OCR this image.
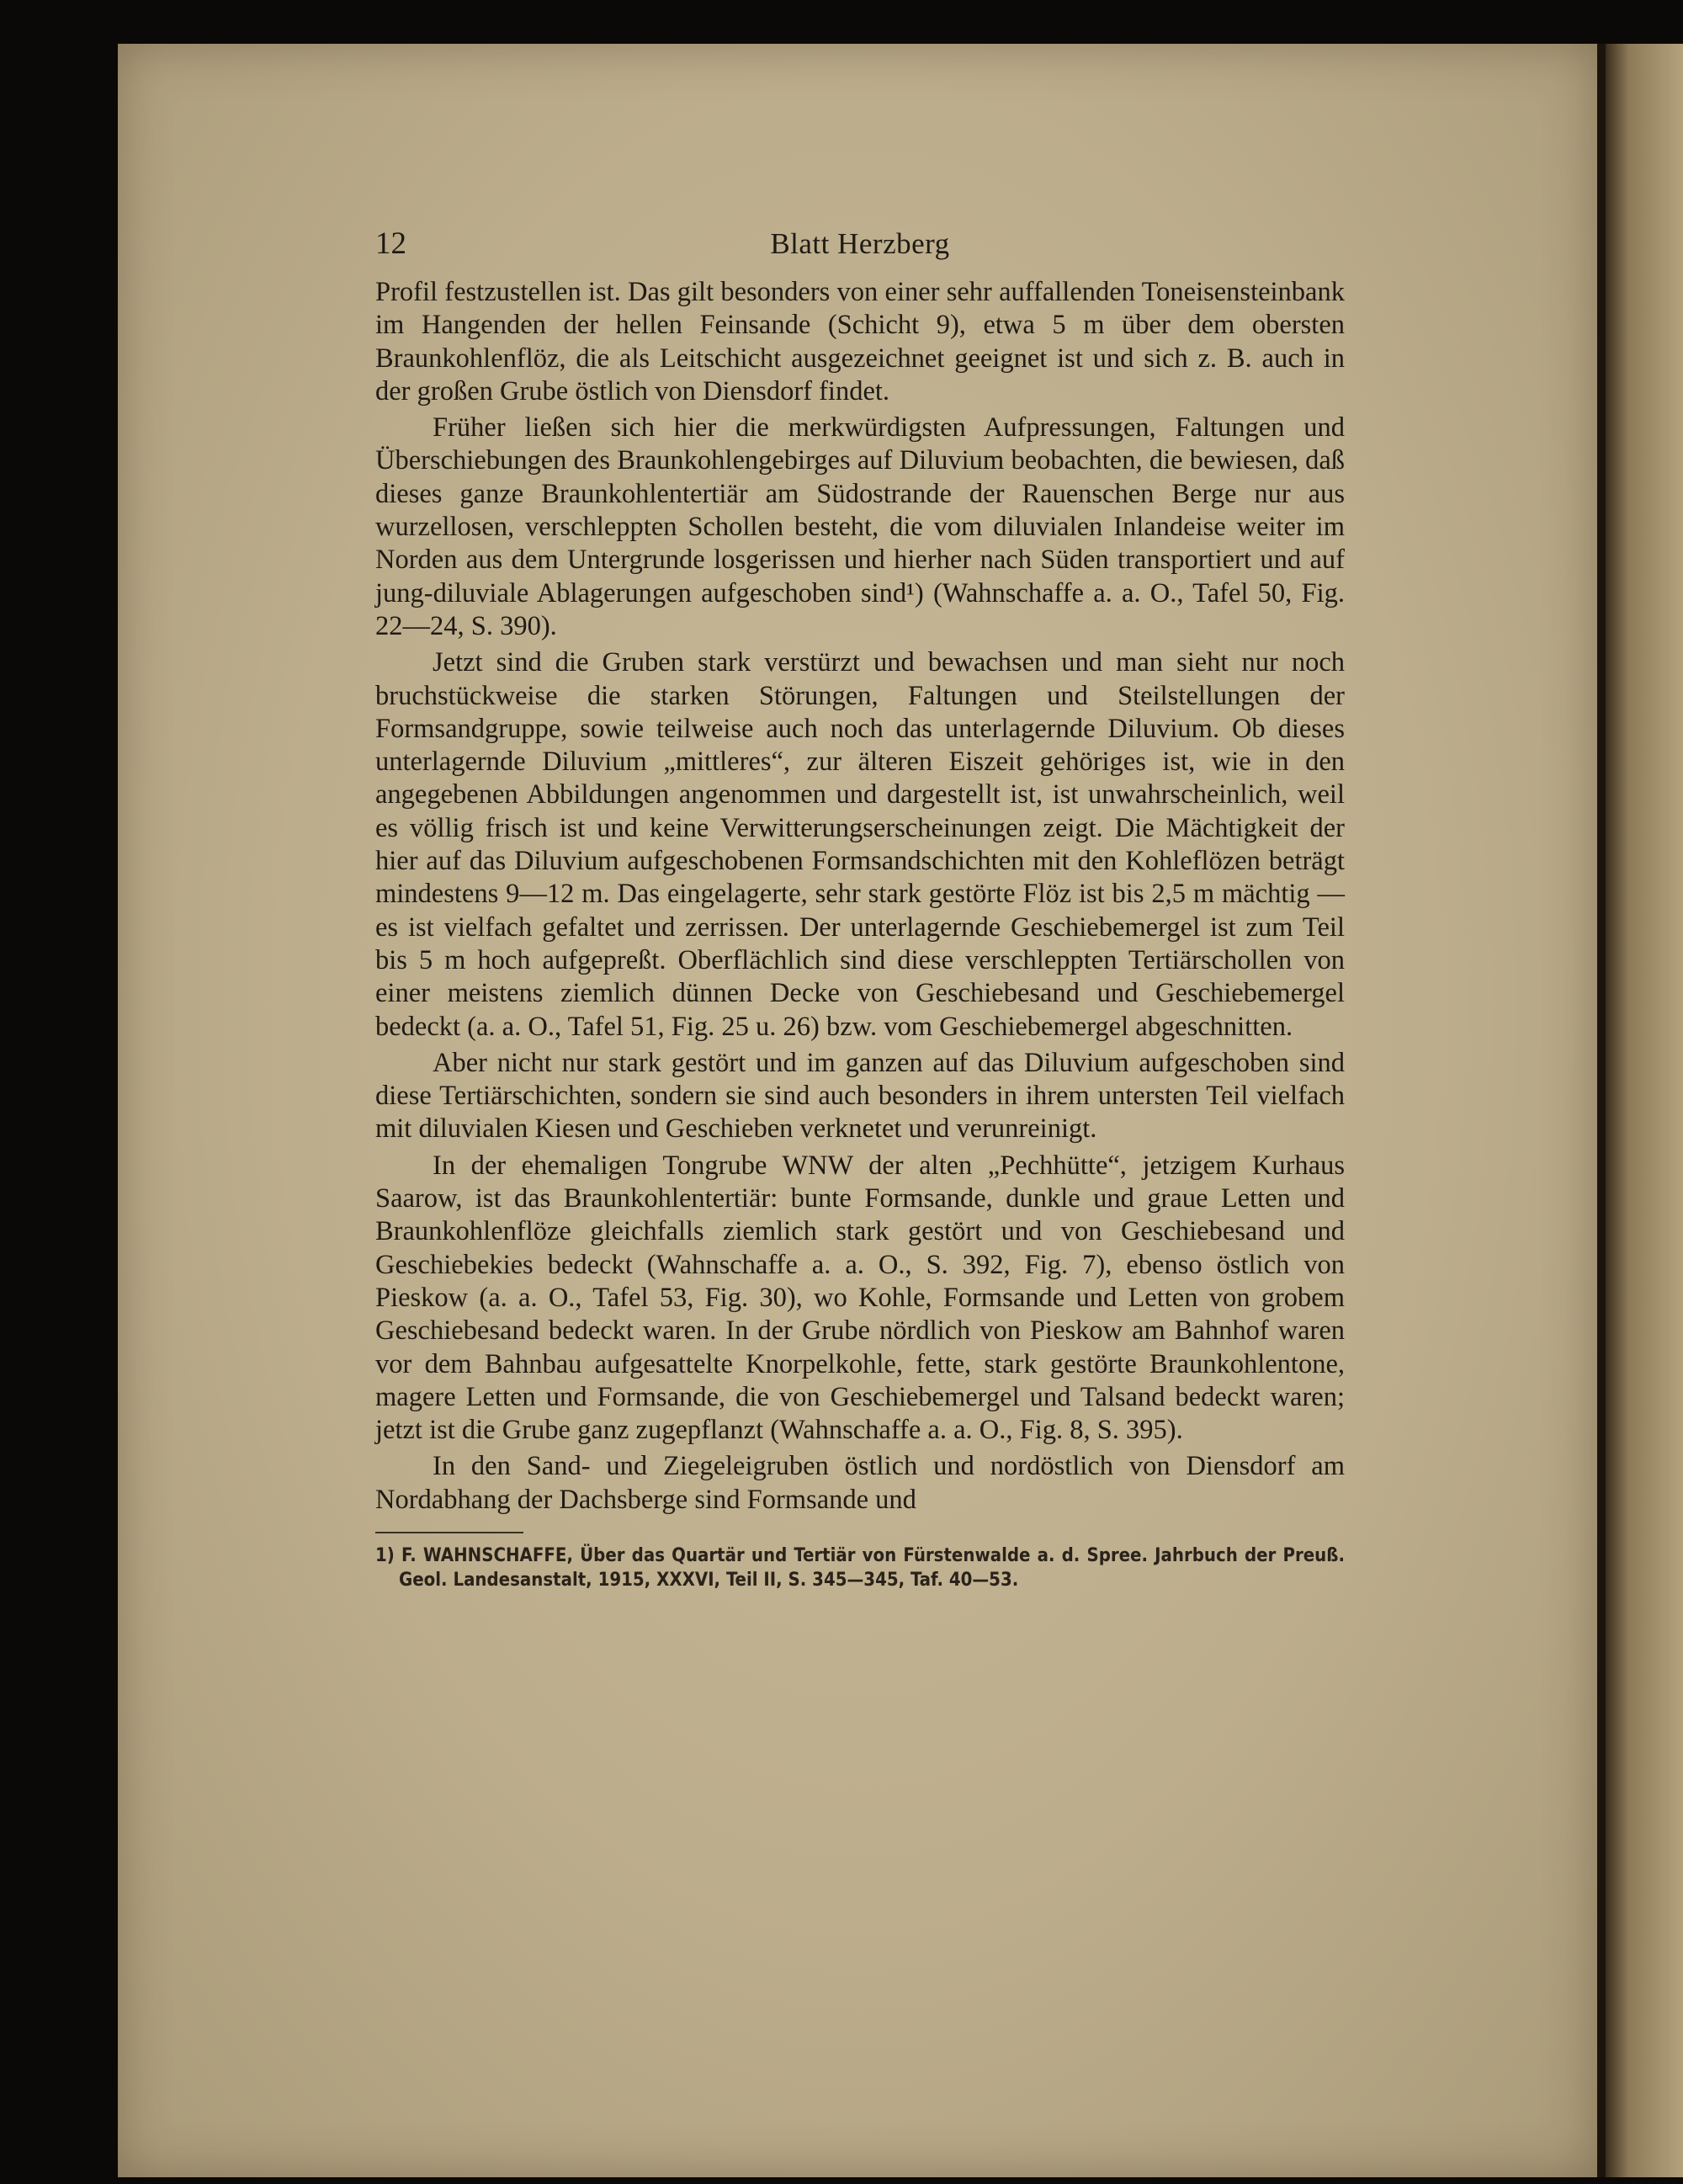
12	Blatt Herzberg

Profil festzustellen ist. Das gilt besonders von einer sehr auffallenden Toneisensteinbank im Hangenden der hellen Feinsande (Schicht 9), etwa 5 m über dem obersten Braunkohlenflöz, die als Leitschicht ausgezeichnet geeignet ist und sich z. B. auch in der großen Grube östlich von Diensdorf findet.

Früher ließen sich hier die merkwürdigsten Aufpressungen, Faltungen und Überschiebungen des Braunkohlengebirges auf Diluvium beobachten, die bewiesen, daß dieses ganze Braunkohlentertiär am Südostrande der Rauenschen Berge nur aus wurzellosen, verschleppten Schollen besteht, die vom diluvialen Inlandeise weiter im Norden aus dem Untergrunde losgerissen und hierher nach Süden transportiert und auf jung-diluviale Ablagerungen aufgeschoben sind¹) (Wahnschaffe a. a. O., Tafel 50, Fig. 22—24, S. 390).

Jetzt sind die Gruben stark verstürzt und bewachsen und man sieht nur noch bruchstückweise die starken Störungen, Faltungen und Steilstellungen der Formsandgruppe, sowie teilweise auch noch das unterlagernde Diluvium. Ob dieses unterlagernde Diluvium „mittleres“, zur älteren Eiszeit gehöriges ist, wie in den angegebenen Abbildungen angenommen und dargestellt ist, ist unwahrscheinlich, weil es völlig frisch ist und keine Verwitterungserscheinungen zeigt. Die Mächtigkeit der hier auf das Diluvium aufgeschobenen Formsandschichten mit den Kohleflözen beträgt mindestens 9—12 m. Das eingelagerte, sehr stark gestörte Flöz ist bis 2,5 m mächtig — es ist vielfach gefaltet und zerrissen. Der unterlagernde Geschiebemergel ist zum Teil bis 5 m hoch aufgepreßt. Oberflächlich sind diese verschleppten Tertiärschollen von einer meistens ziemlich dünnen Decke von Geschiebesand und Geschiebemergel bedeckt (a. a. O., Tafel 51, Fig. 25 u. 26) bzw. vom Geschiebemergel abgeschnitten.

Aber nicht nur stark gestört und im ganzen auf das Diluvium aufgeschoben sind diese Tertiärschichten, sondern sie sind auch besonders in ihrem untersten Teil vielfach mit diluvialen Kiesen und Geschieben verknetet und verunreinigt.

In der ehemaligen Tongrube WNW der alten „Pechhütte“, jetzigem Kurhaus Saarow, ist das Braunkohlentertiär: bunte Formsande, dunkle und graue Letten und Braunkohlenflöze gleichfalls ziemlich stark gestört und von Geschiebesand und Geschiebekies bedeckt (Wahnschaffe a. a. O., S. 392, Fig. 7), ebenso östlich von Pieskow (a. a. O., Tafel 53, Fig. 30), wo Kohle, Formsande und Letten von grobem Geschiebesand bedeckt waren. In der Grube nördlich von Pieskow am Bahnhof waren vor dem Bahnbau aufgesattelte Knorpelkohle, fette, stark gestörte Braunkohlentone, magere Letten und Formsande, die von Geschiebemergel und Talsand bedeckt waren; jetzt ist die Grube ganz zugepflanzt (Wahnschaffe a. a. O., Fig. 8, S. 395).

In den Sand- und Ziegeleigruben östlich und nordöstlich von Diensdorf am Nordabhang der Dachsberge sind Formsande und

1) F. WAHNSCHAFFE, Über das Quartär und Tertiär von Fürstenwalde a. d. Spree. Jahrbuch der Preuß. Geol. Landesanstalt, 1915, XXXVI, Teil II, S. 345—345, Taf. 40—53.
